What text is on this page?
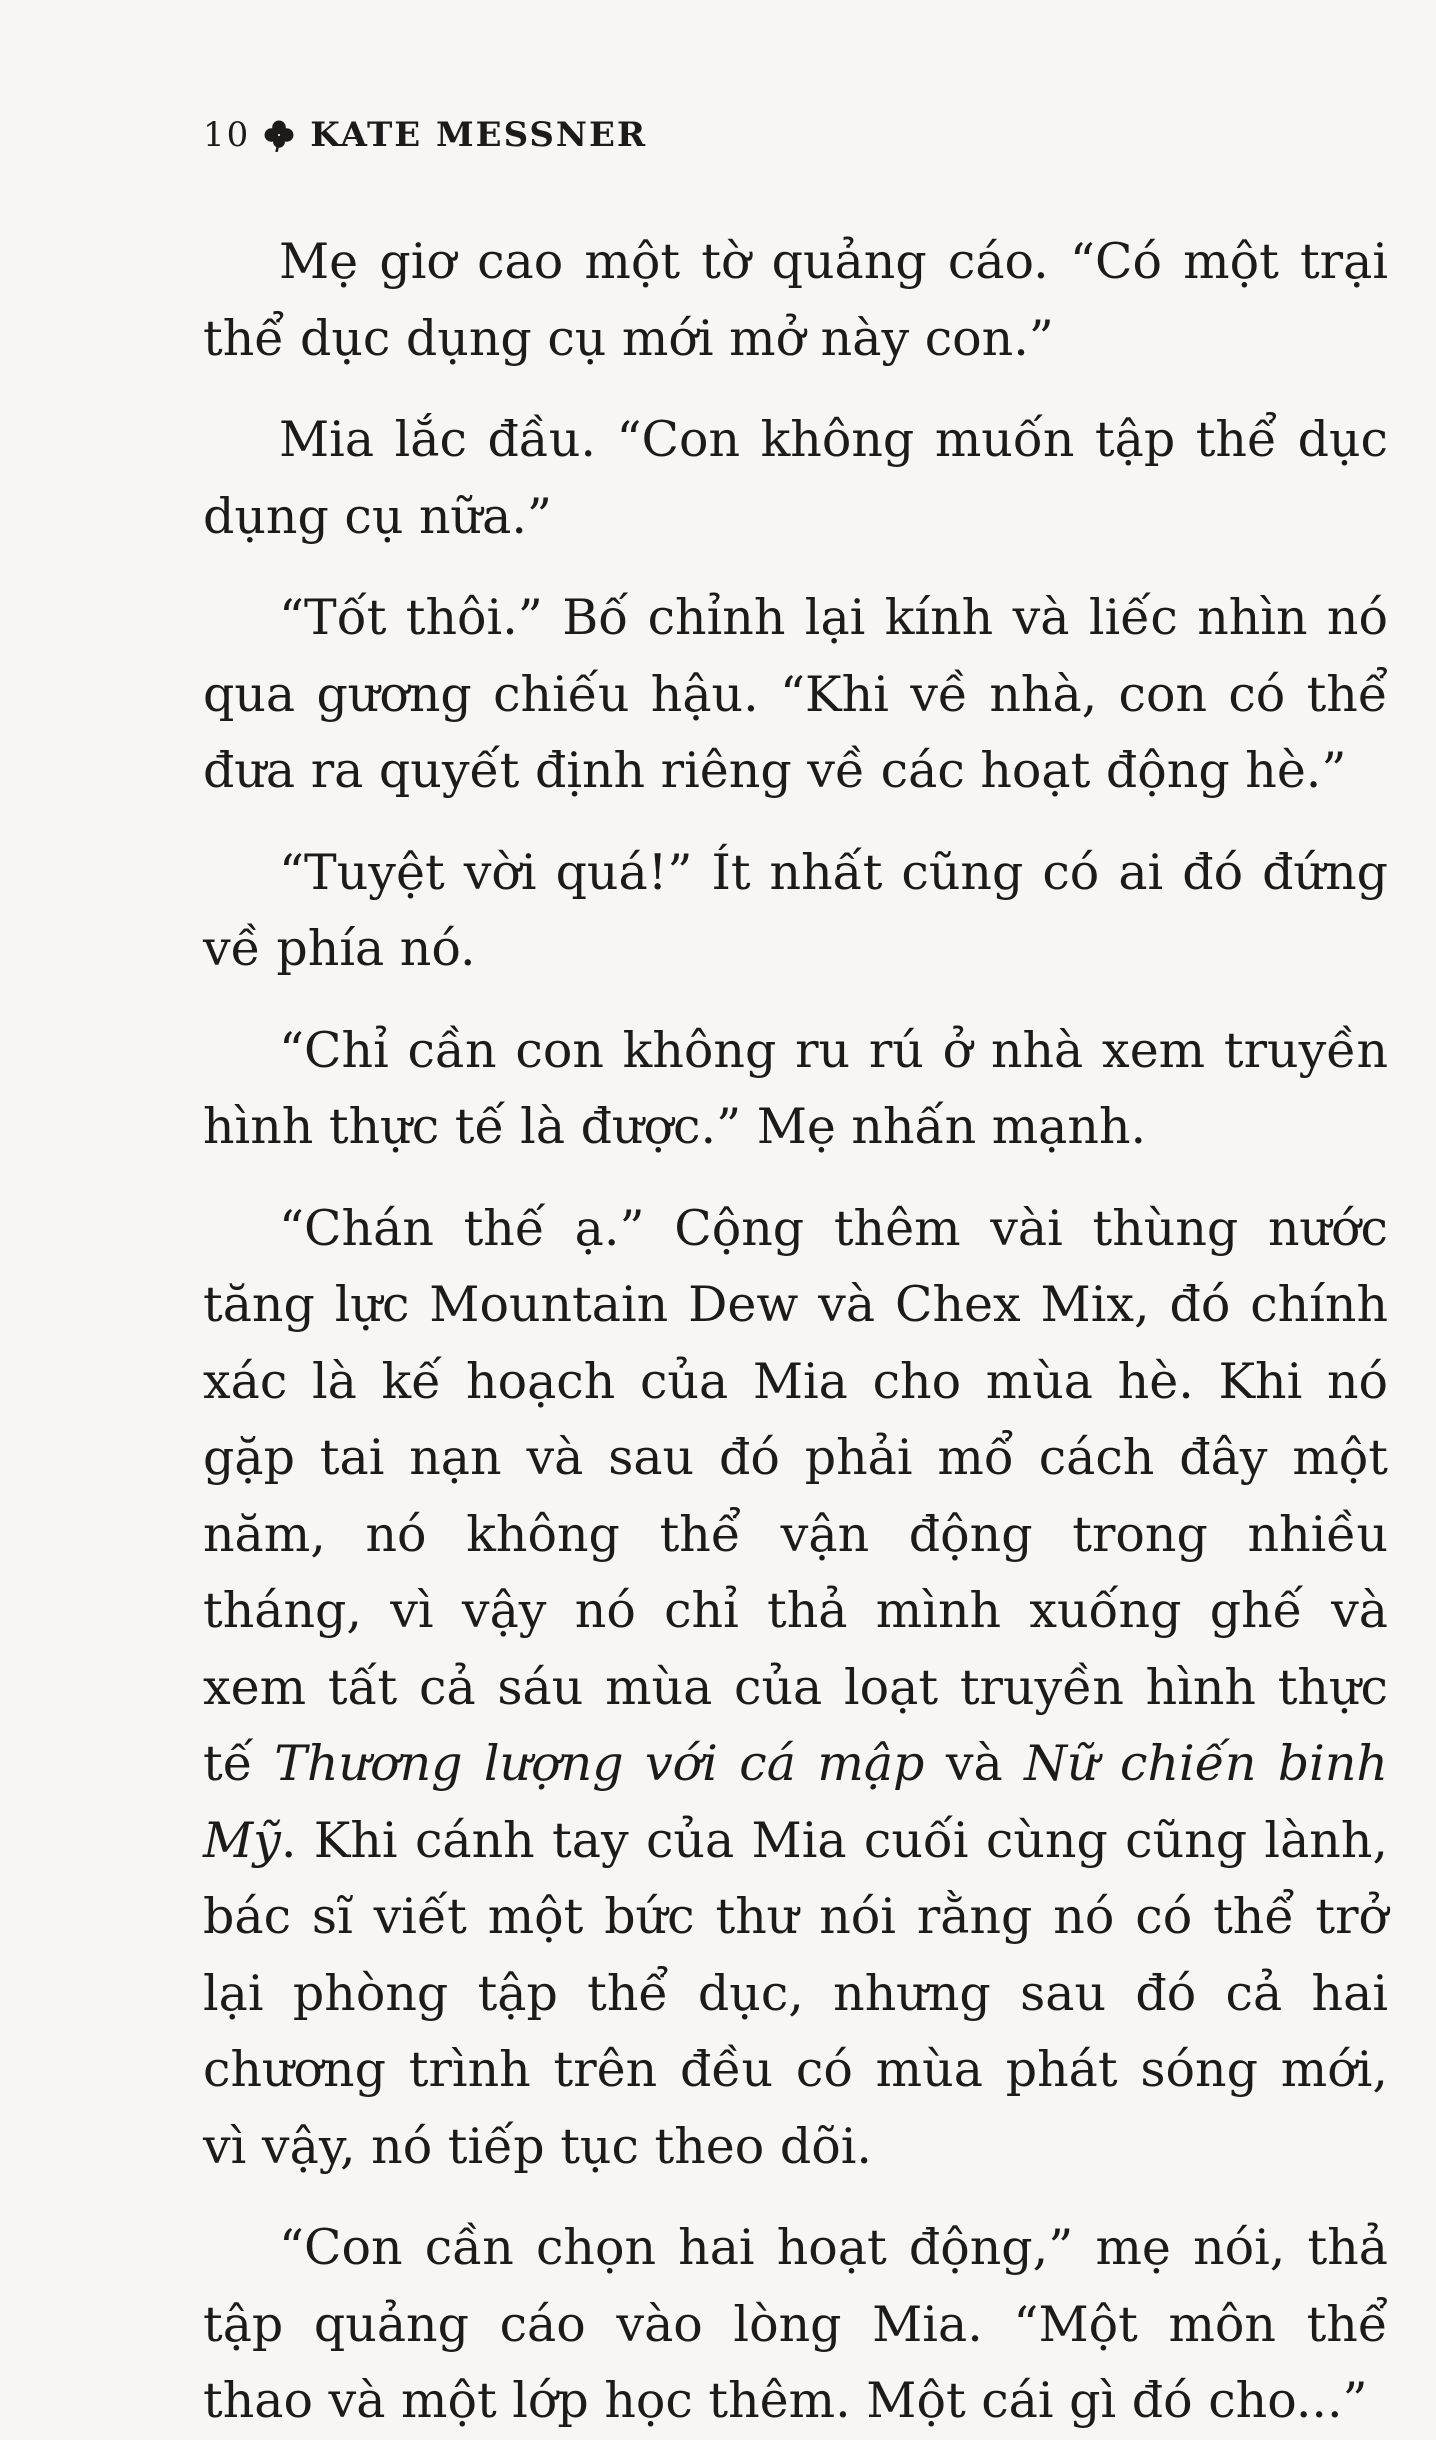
10 KATE MESSNER

Mẹ giơ cao một tờ quảng cáo. “Có một trại thể dục dụng cụ mới mở này con.”

Mia lắc đầu. “Con không muốn tập thể dục dụng cụ nữa.”

“Tốt thôi.” Bố chỉnh lại kính và liếc nhìn nó qua gương chiếu hậu. “Khi về nhà, con có thể đưa ra quyết định riêng về các hoạt động hè.”

“Tuyệt vời quá!” Ít nhất cũng có ai đó đứng về phía nó.

“Chỉ cần con không ru rú ở nhà xem truyền hình thực tế là được.” Mẹ nhấn mạnh.

“Chán thế ạ.” Cộng thêm vài thùng nước tăng lực Mountain Dew và Chex Mix, đó chính xác là kế hoạch của Mia cho mùa hè. Khi nó gặp tai nạn và sau đó phải mổ cách đây một năm, nó không thể vận động trong nhiều tháng, vì vậy nó chỉ thả mình xuống ghế và xem tất cả sáu mùa của loạt truyền hình thực tế Thương lượng với cá mập và Nữ chiến binh Mỹ. Khi cánh tay của Mia cuối cùng cũng lành, bác sĩ viết một bức thư nói rằng nó có thể trở lại phòng tập thể dục, nhưng sau đó cả hai chương trình trên đều có mùa phát sóng mới, vì vậy, nó tiếp tục theo dõi.

“Con cần chọn hai hoạt động,” mẹ nói, thả tập quảng cáo vào lòng Mia. “Một môn thể thao và một lớp học thêm. Một cái gì đó cho...”
